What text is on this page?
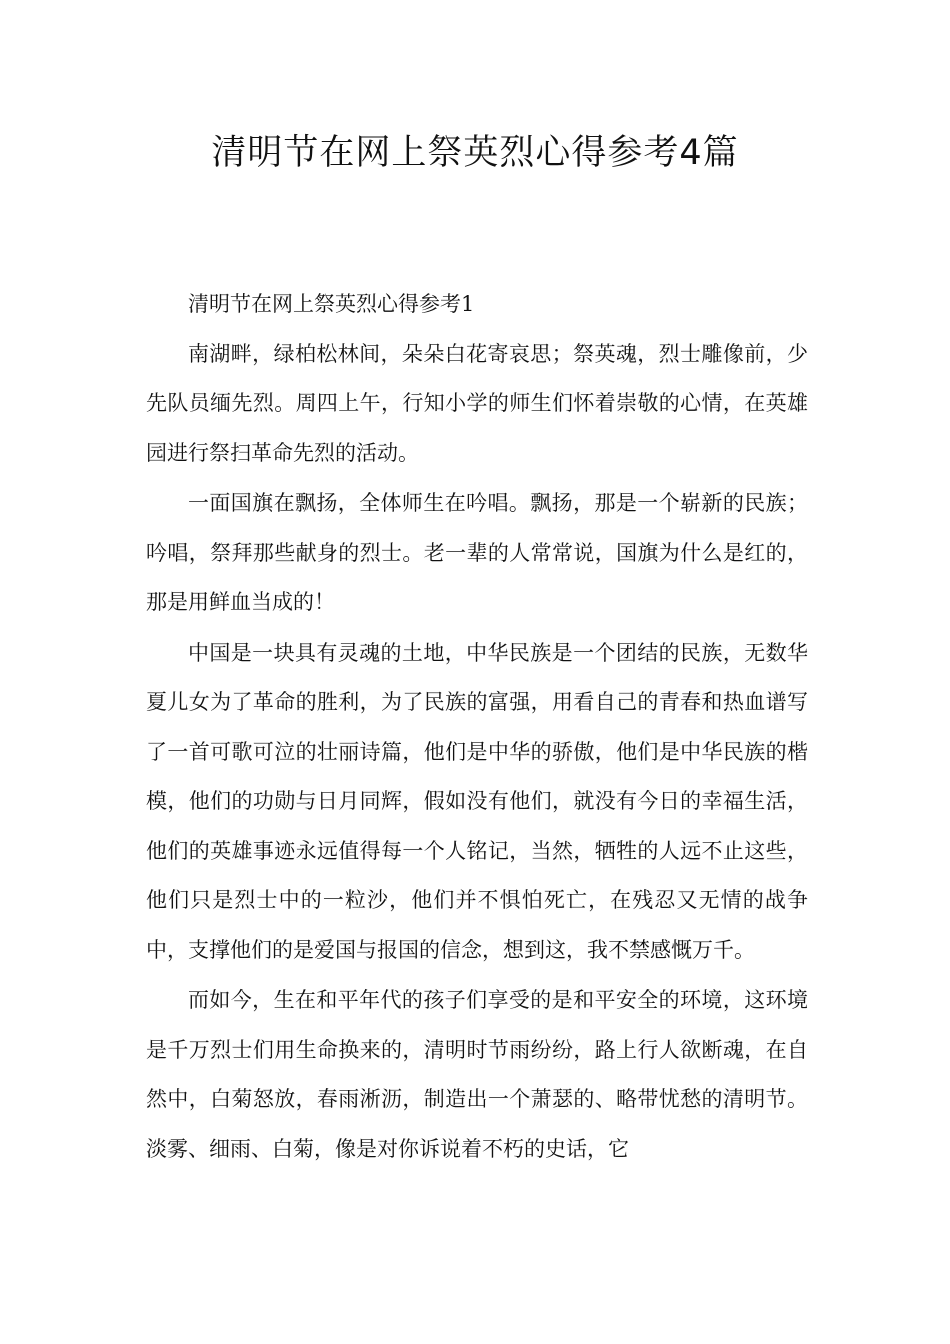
清明节在网上祭英烈心得参考4篇

清明节在网上祭英烈心得参考1

南湖畔，绿柏松林间，朵朵白花寄哀思；祭英魂，烈士雕像前，少先队员缅先烈。周四上午，行知小学的师生们怀着崇敬的心情，在英雄园进行祭扫革命先烈的活动。

一面国旗在飘扬，全体师生在吟唱。飘扬，那是一个崭新的民族；吟唱，祭拜那些献身的烈士。老一辈的人常常说，国旗为什么是红的，那是用鲜血当成的！

中国是一块具有灵魂的土地，中华民族是一个团结的民族，无数华夏儿女为了革命的胜利，为了民族的富强，用看自己的青春和热血谱写了一首可歌可泣的壮丽诗篇，他们是中华的骄傲，他们是中华民族的楷模，他们的功勋与日月同辉，假如没有他们，就没有今日的幸福生活，他们的英雄事迹永远值得每一个人铭记，当然，牺牲的人远不止这些，他们只是烈士中的一粒沙，他们并不惧怕死亡，在残忍又无情的战争中，支撑他们的是爱国与报国的信念，想到这，我不禁感慨万千。

而如今，生在和平年代的孩子们享受的是和平安全的环境，这环境是千万烈士们用生命换来的，清明时节雨纷纷，路上行人欲断魂，在自然中，白菊怒放，春雨淅沥，制造出一个萧瑟的、略带忧愁的清明节。淡雾、细雨、白菊，像是对你诉说着不朽的史话，它
